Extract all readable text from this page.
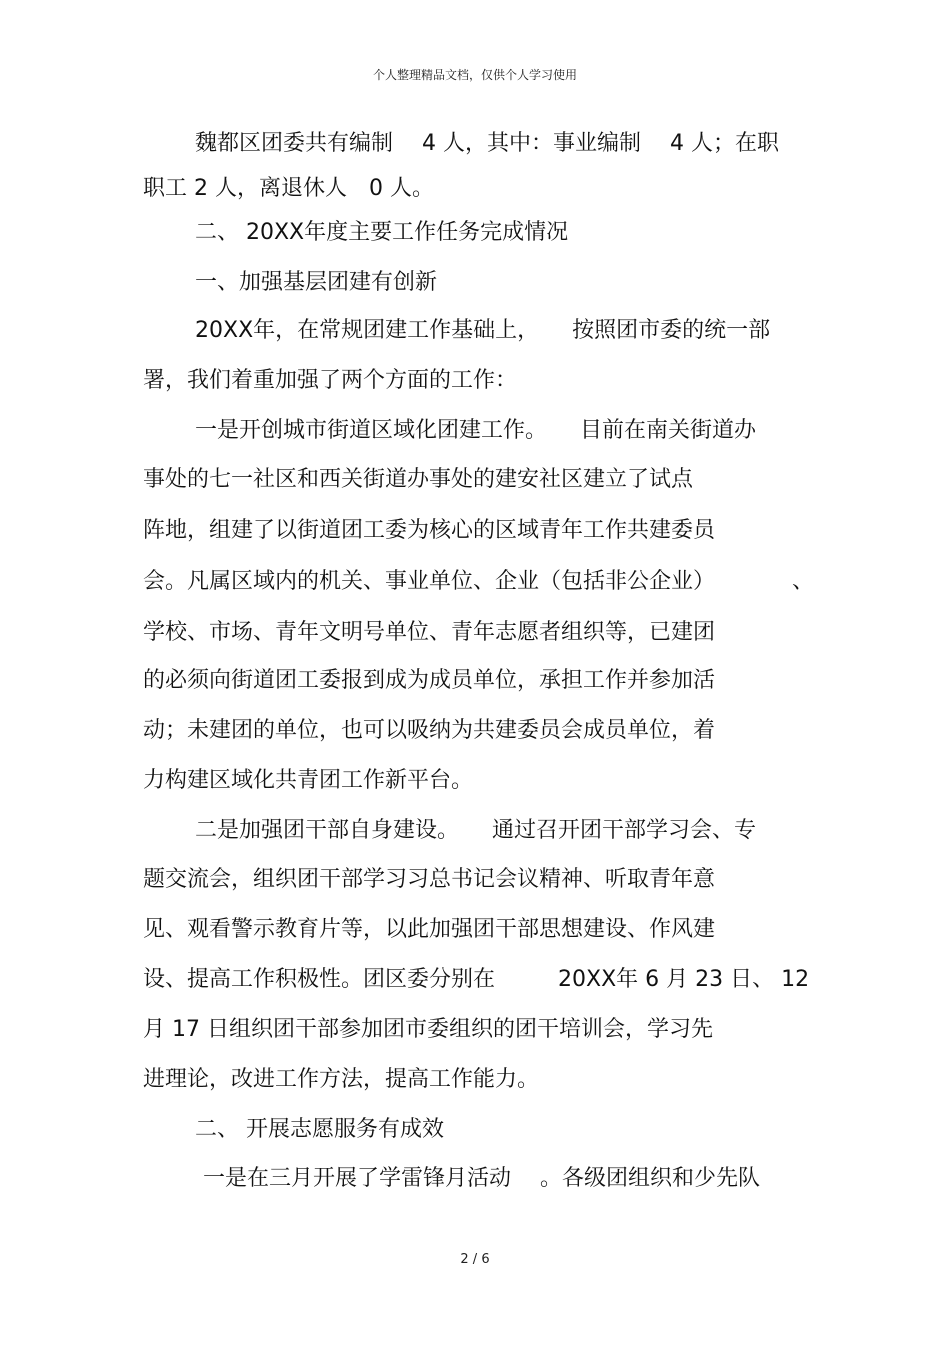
个人整理精品文档，仅供个人学习使用
魏都区团委共有编制　 4 人，其中：事业编制　 4 人；在职
职工 2 人，离退休人　0 人。
二、 20XX年度主要工作任务完成情况
一、加强基层团建有创新
20XX年，在常规团建工作基础上，　　按照团市委的统一部
署，我们着重加强了两个方面的工作：
一是开创城市街道区域化团建工作。　　目前在南关街道办
事处的七一社区和西关街道办事处的建安社区建立了试点
阵地，组建了以街道团工委为核心的区域青年工作共建委员
会。凡属区域内的机关、事业单位、企业（包括非公企业）	、
学校、市场、青年文明号单位、青年志愿者组织等，已建团
的必须向街道团工委报到成为成员单位，承担工作并参加活
动；未建团的单位，也可以吸纳为共建委员会成员单位，着
力构建区域化共青团工作新平台。
二是加强团干部自身建设。　　通过召开团干部学习会、专
题交流会，组织团干部学习习总书记会议精神、听取青年意
见、观看警示教育片等，以此加强团干部思想建设、作风建
设、提高工作积极性。团区委分别在	20XX年 6 月 23 日、 12
月 17 日组织团干部参加团市委组织的团干培训会，学习先
进理论，改进工作方法，提高工作能力。
二、 开展志愿服务有成效
一是在三月开展了学雷锋月活动　 。各级团组织和少先队
2 / 6
